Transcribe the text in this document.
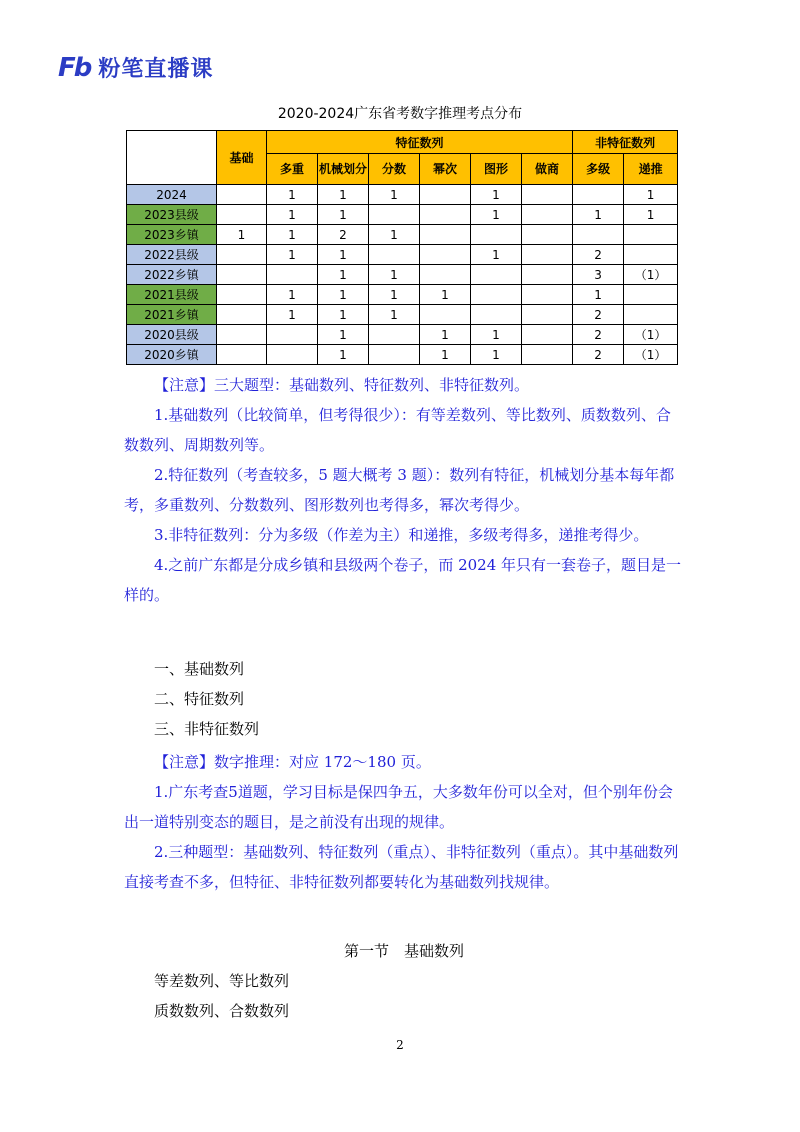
Fb 粉笔直播课
2020-2024广东省考数字推理考点分布
	基础	特征数列						非特征数列	
		多重	机械划分	分数	幂次	图形	做商	多级	递推
2024		1	1	1		1			1
2023县级		1	1			1		1	1
2023乡镇	1	1	2	1					
2022县级		1	1			1		2	
2022乡镇			1	1				3	（1）
2021县级		1	1	1	1			1	
2021乡镇		1	1	1				2	
2020县级			1		1	1		2	（1）
2020乡镇			1		1	1		2	（1）
【注意】三大题型：基础数列、特征数列、非特征数列。
1.基础数列（比较简单，但考得很少）：有等差数列、等比数列、质数数列、合数数列、周期数列等。
2.特征数列（考查较多，5 题大概考 3 题）：数列有特征，机械划分基本每年都考，多重数列、分数数列、图形数列也考得多，幂次考得少。
3.非特征数列：分为多级（作差为主）和递推，多级考得多，递推考得少。
4.之前广东都是分成乡镇和县级两个卷子，而 2024 年只有一套卷子，题目是一样的。
一、基础数列
二、特征数列
三、非特征数列
【注意】数字推理：对应 172～180 页。
1.广东考查5道题，学习目标是保四争五，大多数年份可以全对，但个别年份会出一道特别变态的题目，是之前没有出现的规律。
2.三种题型：基础数列、特征数列（重点）、非特征数列（重点）。其中基础数列直接考查不多，但特征、非特征数列都要转化为基础数列找规律。
第一节　基础数列
等差数列、等比数列
质数数列、合数数列
2
